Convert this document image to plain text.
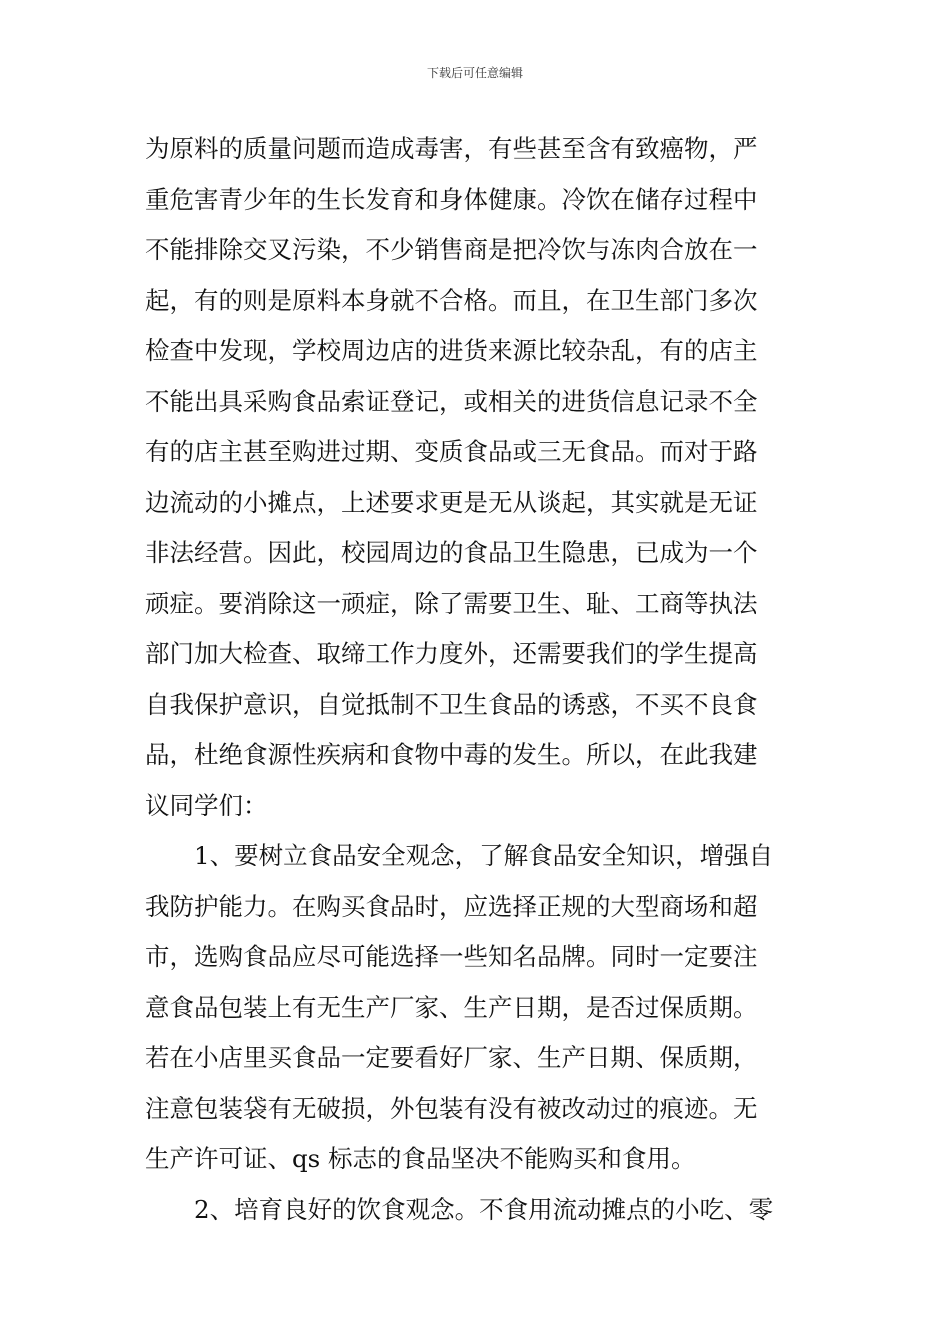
下载后可任意编辑
为原料的质量问题而造成毒害，有些甚至含有致癌物，严
重危害青少年的生长发育和身体健康。冷饮在储存过程中
不能排除交叉污染，不少销售商是把冷饮与冻肉合放在一
起，有的则是原料本身就不合格。而且，在卫生部门多次
检查中发现，学校周边店的进货来源比较杂乱，有的店主
不能出具采购食品索证登记，或相关的进货信息记录不全
有的店主甚至购进过期、变质食品或三无食品。而对于路
边流动的小摊点，上述要求更是无从谈起，其实就是无证
非法经营。因此，校园周边的食品卫生隐患，已成为一个
顽症。要消除这一顽症，除了需要卫生、耻、工商等执法
部门加大检查、取缔工作力度外，还需要我们的学生提高
自我保护意识，自觉抵制不卫生食品的诱惑，不买不良食
品，杜绝食源性疾病和食物中毒的发生。所以，在此我建
议同学们：
1、要树立食品安全观念，了解食品安全知识，增强自
我防护能力。在购买食品时，应选择正规的大型商场和超
市，选购食品应尽可能选择一些知名品牌。同时一定要注
意食品包装上有无生产厂家、生产日期，是否过保质期。
若在小店里买食品一定要看好厂家、生产日期、保质期，
注意包装袋有无破损，外包装有没有被改动过的痕迹。无
生产许可证、qs 标志的食品坚决不能购买和食用。
2、培育良好的饮食观念。不食用流动摊点的小吃、零
